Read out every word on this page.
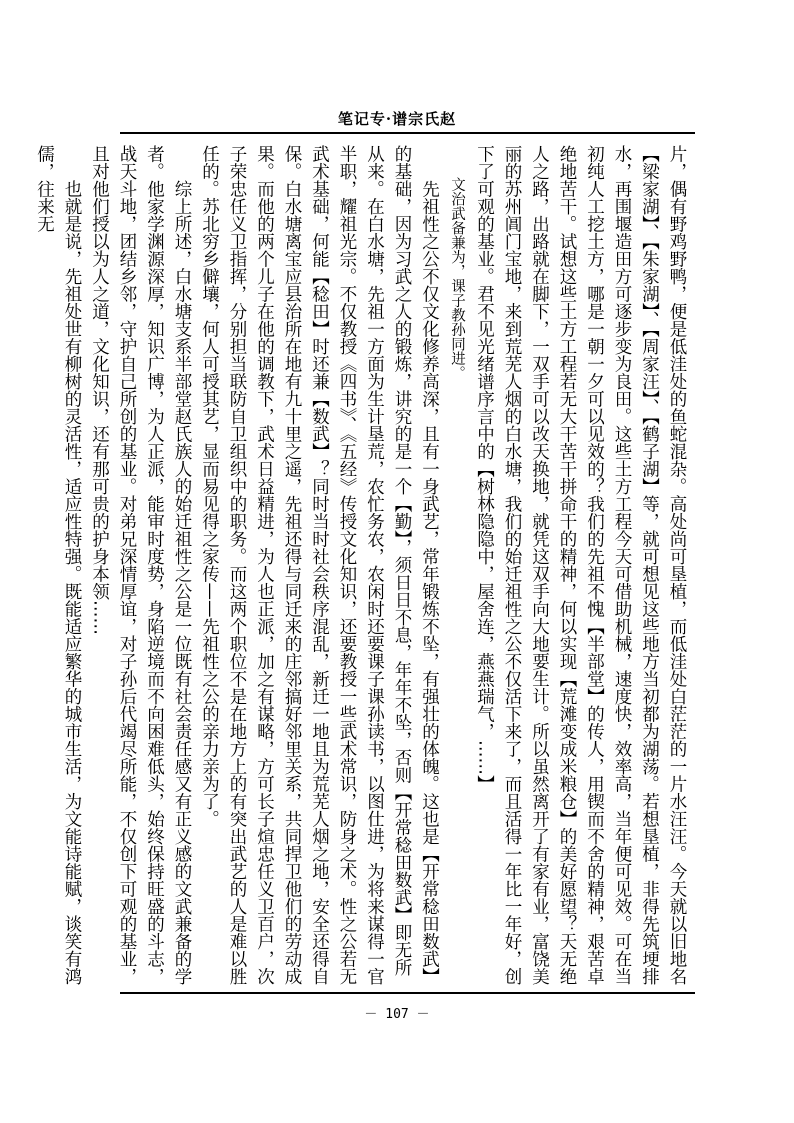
笔记专·谱宗氏赵

片，偶有野鸡野鸭，便是低洼处的鱼蛇混杂。高处尚可垦植，而低洼处白茫茫的一片水汪汪。今天就以旧地名【梁家湖】、【朱家湖】、【周家汪】、【鹤子湖】等，就可想见这些地方当初都为湖荡。若想垦植，非得先筑埂排水，再围堰造田方可逐步变为良田。这些土方工程今天可借助机械，速度快，效率高，当年便可见效。可在当初纯人工挖土方，哪是一朝一夕可以见效的？我们的先祖不愧【半部堂】的传人，用锲而不舍的精神，艰苦卓绝地苦干。试想这些土方工程若无大干苦干拼命干的精神，何以实现【荒滩变成米粮仓】的美好愿望？天无绝人之路，出路就在脚下，一双手可以改天换地，就凭这双手向大地要生计。所以虽然离开了有家有业，富饶美丽的苏州阊门宝地，来到荒芜人烟的白水塘，我们的始迁祖性之公不仅活下来了，而且活得一年比一年好，创下了可观的基业。君不见光绪谱序言中的【树林隐隐中，屋舍连，燕燕瑞气，……】

文治武备兼为，课子教孙同进。

先祖性之公不仅文化修养高深，且有一身武艺，常年锻炼不坠，有强壮的体魄。这也是【开常稔田数武】的基础，因为习武之人的锻炼，讲究的是一个【勤】，须日日不息，年年不坠，否则【开常稔田数武】即无所从来。在白水塘，先祖一方面为生计垦荒，农忙务农，农闲时还要课子课孙读书，以图仕进，为将来谋得一官半职，耀祖光宗。不仅教授《四书》、《五经》传授文化知识，还要教授一些武术常识，防身之术。性之公若无武术基础，何能【稔田】时还兼【数武】？同时当时社会秩序混乱，新迁一地且为荒芜人烟之地，安全还得自保。白水塘离宝应县治所在地有九十里之遥，先祖还得与同迁来的庄邻搞好邻里关系，共同捍卫他们的劳动成果。而他的两个儿子在他的调教下，武术日益精进，为人也正派，加之有谋略，方可长子煊忠任义卫百户，次子荣忠任义卫指挥，分别担当联防自卫组织中的职务。而这两个职位不是在地方上的有突出武艺的人是难以胜任的。苏北穷乡僻壤，何人可授其艺，显而易见得之家传——先祖性之公的亲力亲为了。

综上所述，白水塘支系半部堂赵氏族人的始迁祖性之公是一位既有社会责任感又有正义感的文武兼备的学者。他家学渊源深厚，知识广博，为人正派，能审时度势，身陷逆境而不向困难低头，始终保持旺盛的斗志，战天斗地，团结乡邻，守护自己所创的基业。对弟兄深情厚谊，对子孙后代竭尽所能，不仅创下可观的基业，且对他们授以为人之道，文化知识，还有那可贵的护身本领……

也就是说，先祖处世有柳树的灵活性，适应性特强。既能适应繁华的城市生活，为文能诗能赋，谈笑有鸿儒，往来无

－ 107 －
